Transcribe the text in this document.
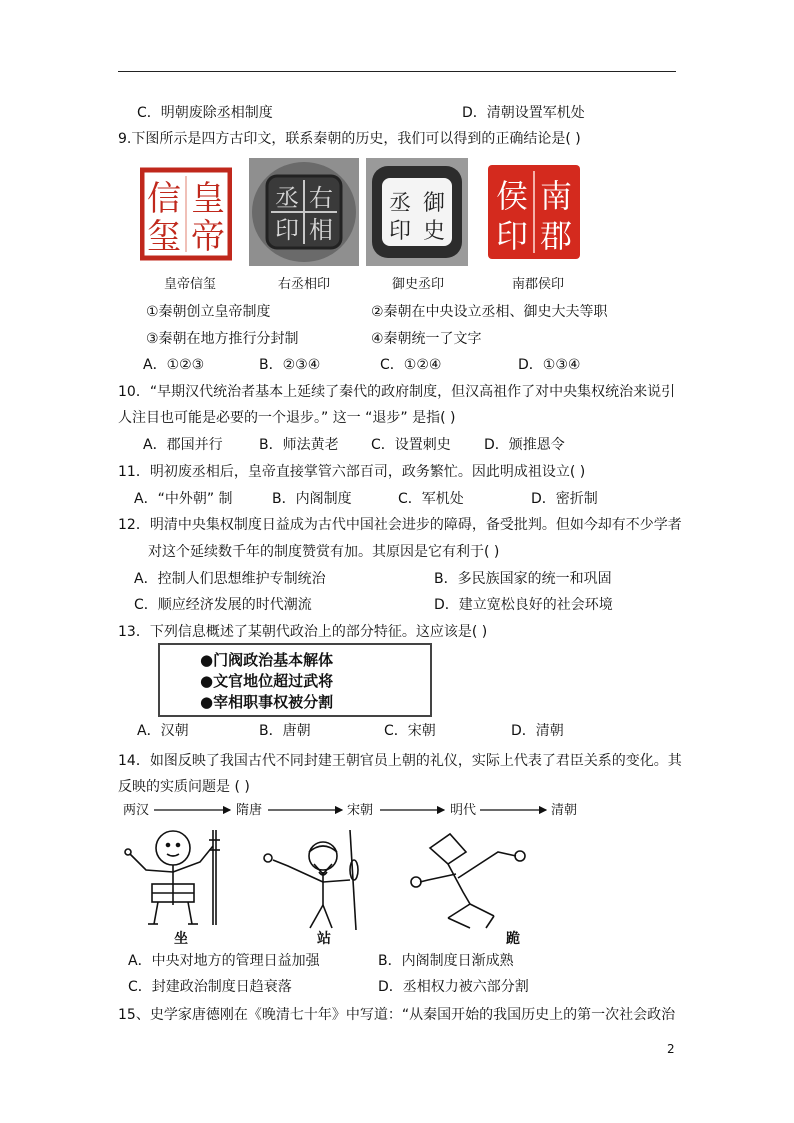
C．明朝废除丞相制度	D．清朝设置军机处
9.下图所示是四方古印文，联系秦朝的历史，我们可以得到的正确结论是( )
皇
帝
信
玺
皇帝信玺
丞 右
印 相
右丞相印
丞 御
印 史
御史丞印
南
郡
侯
印
南郡侯印
①秦朝创立皇帝制度	②秦朝在中央设立丞相、御史大夫等职
③秦朝在地方推行分封制	④秦朝统一了文字
A．①②③	B．②③④	C．①②④	D．①③④
10．“早期汉代统治者基本上延续了秦代的政府制度，但汉高祖作了对中央集权统治来说引
人注目也可能是必要的一个退步。” 这一 “退步” 是指( )
A．郡国并行	B．师法黄老 C．设置刺史 D．颁推恩令
11．明初废丞相后，皇帝直接掌管六部百司，政务繁忙。因此明成祖设立( )
A．“中外朝” 制	B．内阁制度	C．军机处	D．密折制
12．明清中央集权制度日益成为古代中国社会进步的障碍，备受批判。但如今却有不少学者
对这个延续数千年的制度赞赏有加。其原因是它有利于( )
A．控制人们思想维护专制统治	B．多民族国家的统一和巩固
C．顺应经济发展的时代潮流	D．建立宽松良好的社会环境
13．下列信息概述了某朝代政治上的部分特征。这应该是( )
●门阀政治基本解体
●文官地位超过武将
●宰相职事权被分割
A．汉朝	B．唐朝	C．宋朝	D．清朝
14．如图反映了我国古代不同封建王朝官员上朝的礼仪，实际上代表了君臣关系的变化。其
反映的实质问题是 ( )
两汉	隋唐	宋朝	明代	清朝
坐	站	跪
A．中央对地方的管理日益加强	B．内阁制度日渐成熟
C．封建政治制度日趋衰落	D．丞相权力被六部分割
15、史学家唐德刚在《晚清七十年》中写道：“从秦国开始的我国历史上的第一次社会政治
2
